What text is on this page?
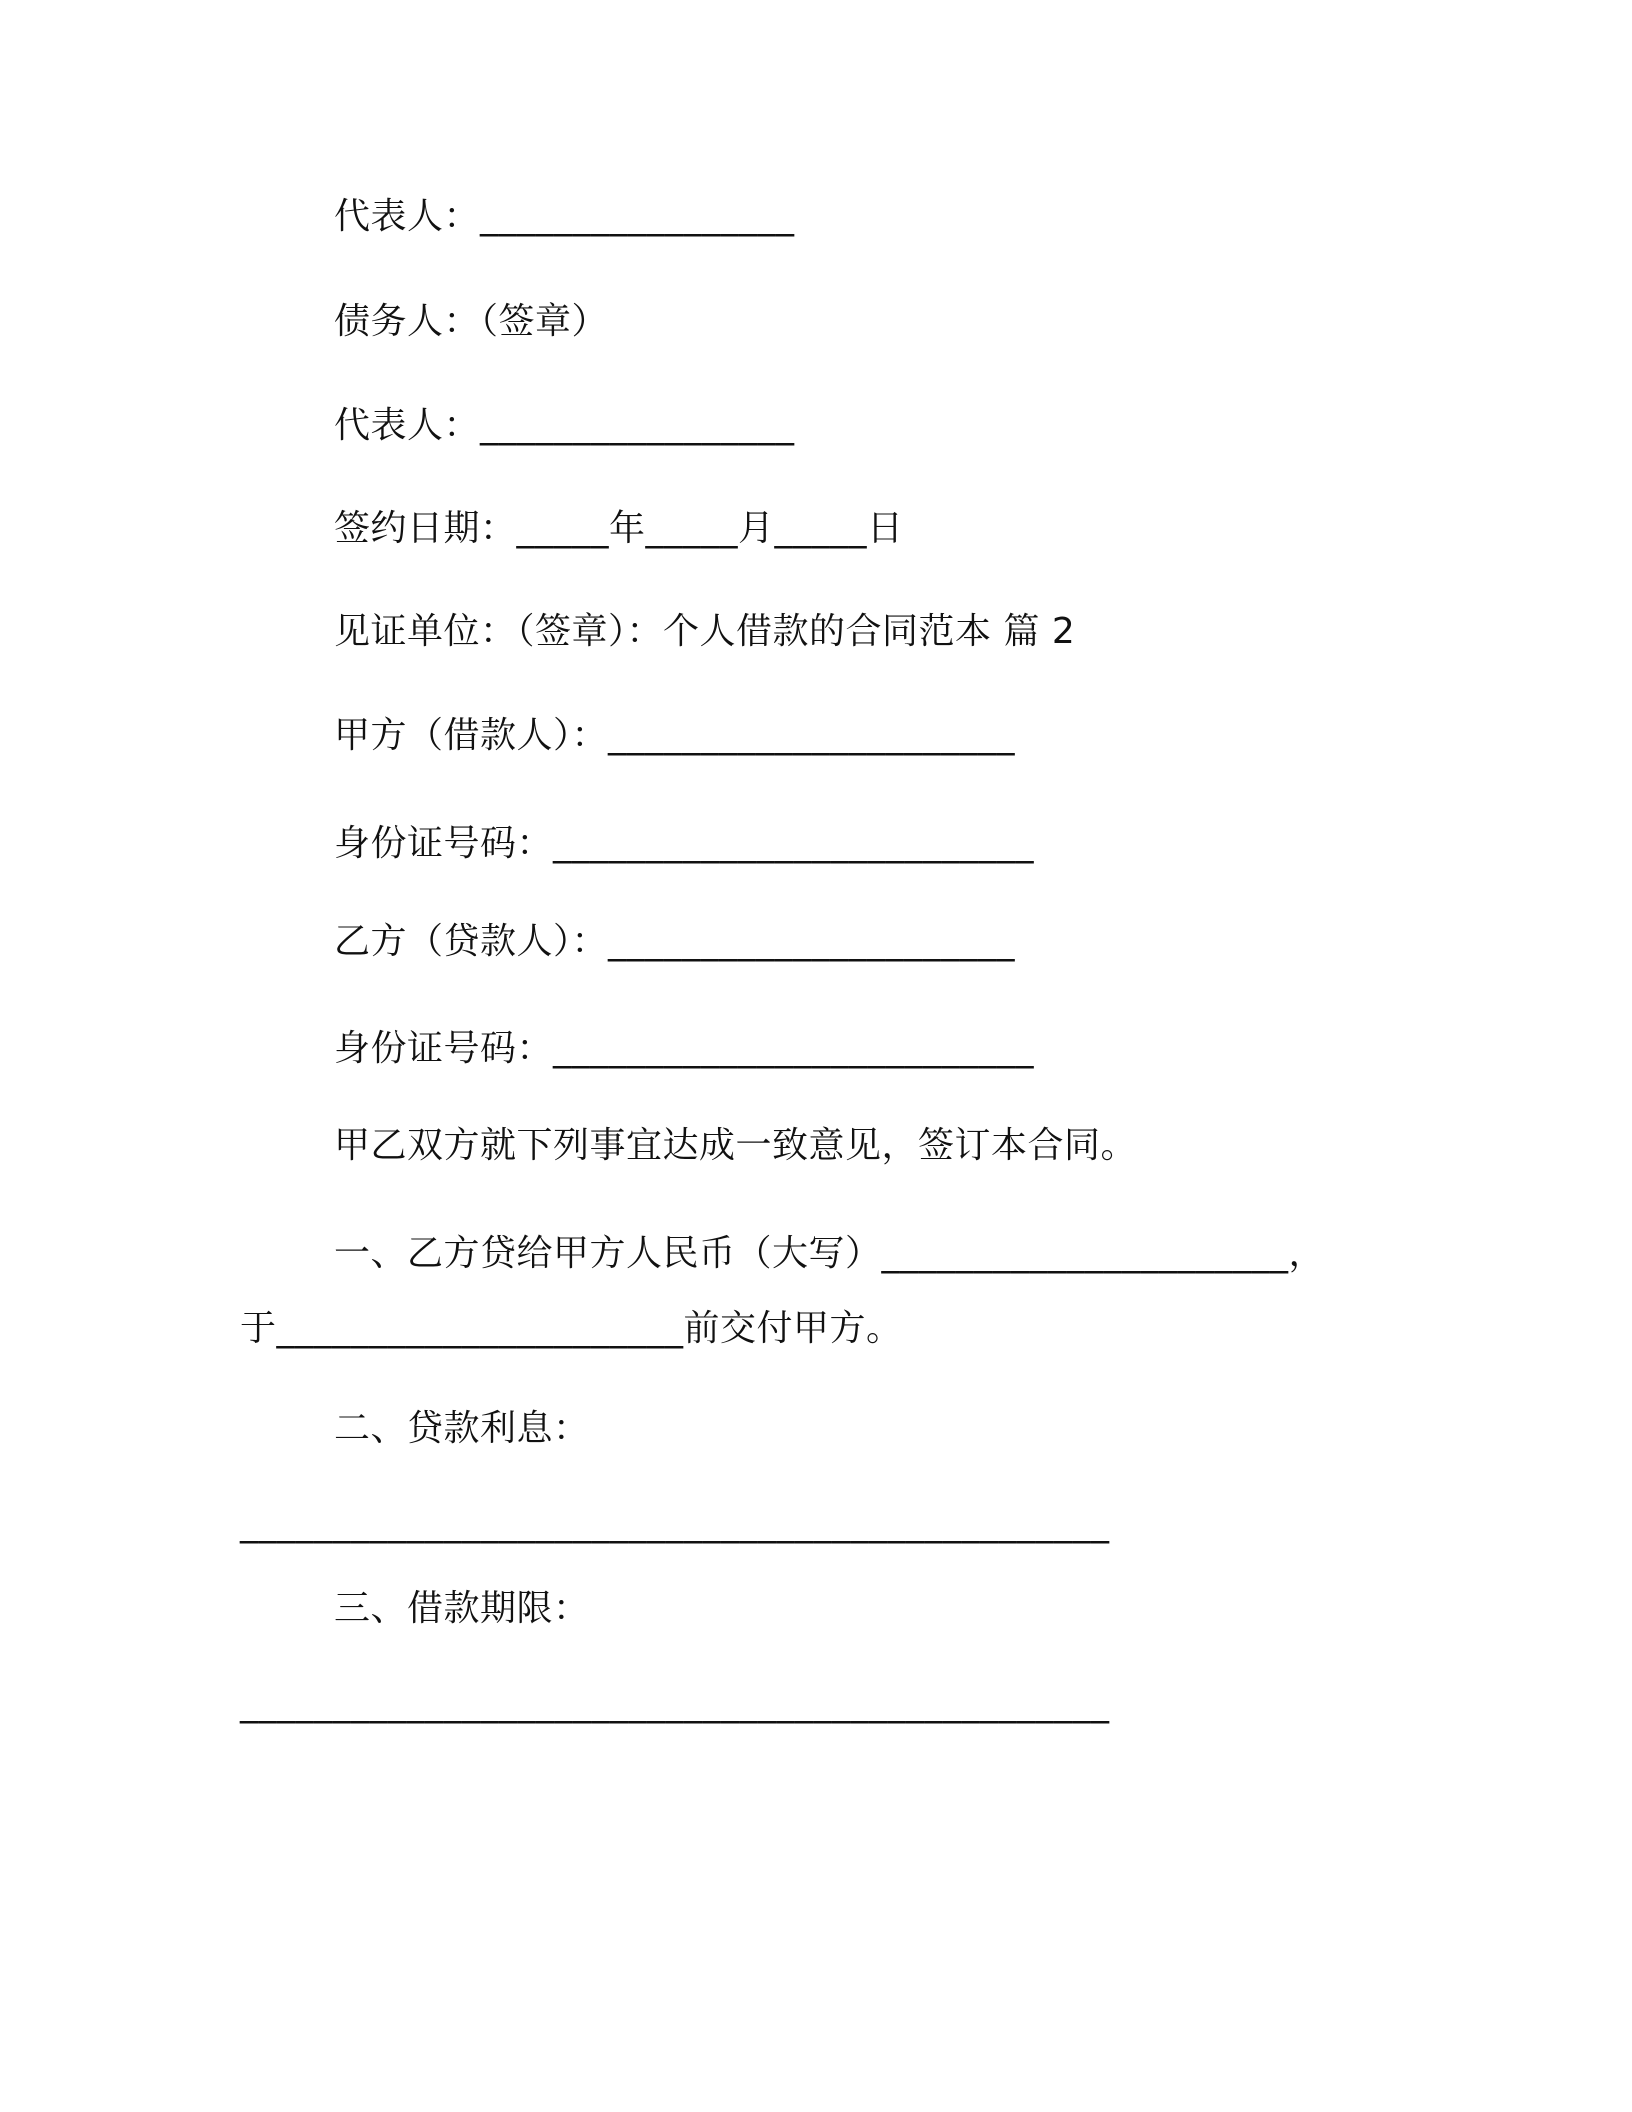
代表人：_________________
债务人：（签章）
代表人：_________________
签约日期：_____年_____月_____日
见证单位：（签章）：个人借款的合同范本 篇 2
甲方（借款人）：______________________
身份证号码：__________________________
乙方（贷款人）：______________________
身份证号码：__________________________
甲乙双方就下列事宜达成一致意见，签订本合同。
一、乙方贷给甲方人民币（大写）______________________，
于______________________前交付甲方。
二、贷款利息：
_______________________________________________
三、借款期限：
_______________________________________________
